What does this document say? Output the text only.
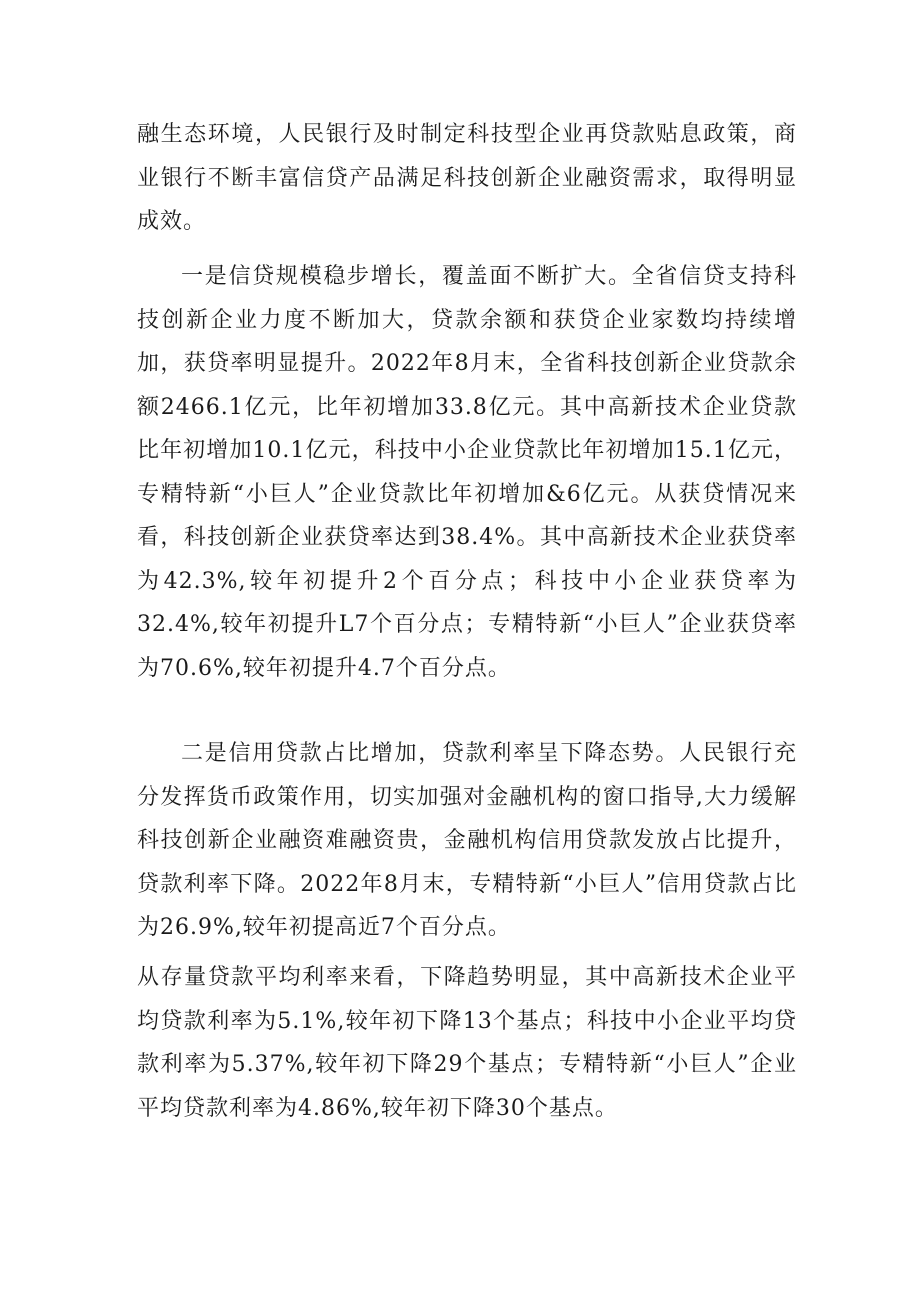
融生态环境，人民银行及时制定科技型企业再贷款贴息政策，商业银行不断丰富信贷产品满足科技创新企业融资需求，取得明显成效。

一是信贷规模稳步增长，覆盖面不断扩大。全省信贷支持科技创新企业力度不断加大，贷款余额和获贷企业家数均持续增加，获贷率明显提升。2022年8月末，全省科技创新企业贷款余额2466.1亿元，比年初增加33.8亿元。其中高新技术企业贷款比年初增加10.1亿元，科技中小企业贷款比年初增加15.1亿元，专精特新“小巨人”企业贷款比年初增加&6亿元。从获贷情况来看，科技创新企业获贷率达到38.4%。其中高新技术企业获贷率为42.3%,较年初提升2个百分点；科技中小企业获贷率为32.4%,较年初提升L7个百分点；专精特新“小巨人”企业获贷率为70.6%,较年初提升4.7个百分点。

二是信用贷款占比增加，贷款利率呈下降态势。人民银行充分发挥货币政策作用，切实加强对金融机构的窗口指导,大力缓解科技创新企业融资难融资贵，金融机构信用贷款发放占比提升，贷款利率下降。2022年8月末，专精特新“小巨人”信用贷款占比为26.9%,较年初提高近7个百分点。

从存量贷款平均利率来看，下降趋势明显，其中高新技术企业平均贷款利率为5.1%,较年初下降13个基点；科技中小企业平均贷款利率为5.37%,较年初下降29个基点；专精特新“小巨人”企业平均贷款利率为4.86%,较年初下降30个基点。
